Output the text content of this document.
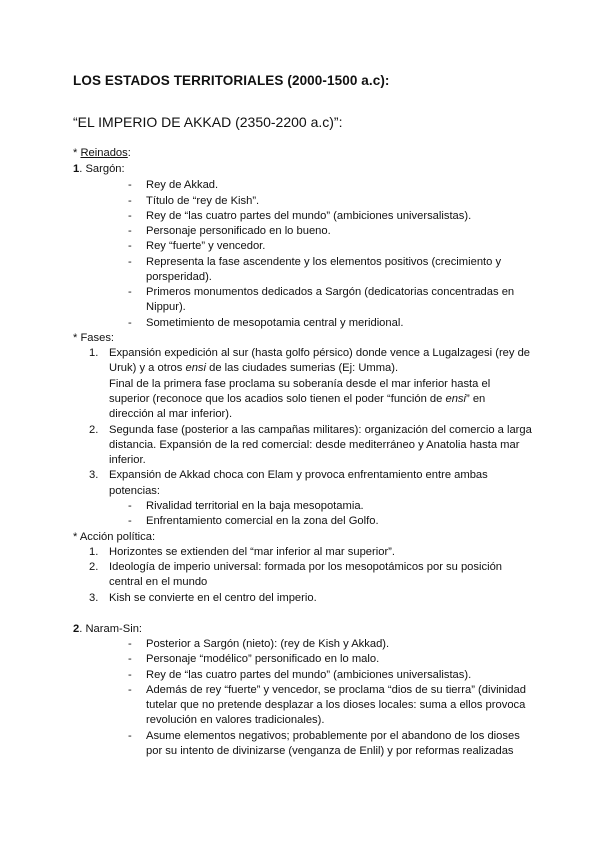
LOS ESTADOS TERRITORIALES (2000-1500 a.c):
“EL IMPERIO DE AKKAD (2350-2200 a.c)”:
* Reinados:
1. Sargón:
- Rey de Akkad.
- Título de “rey de Kish”.
- Rey de “las cuatro partes del mundo” (ambiciones universalistas).
- Personaje personificado en lo bueno.
- Rey “fuerte” y vencedor.
- Representa la fase ascendente y los elementos positivos (crecimiento y
porsperidad).
- Primeros monumentos dedicados a Sargón (dedicatorias concentradas en
Nippur).
- Sometimiento de mesopotamia central y meridional.
* Fases:
1. Expansión expedición al sur (hasta golfo pérsico) donde vence a Lugalzagesi (rey de
Uruk) y a otros ensi de las ciudades sumerias (Ej: Umma).
Final de la primera fase proclama su soberanía desde el mar inferior hasta el
superior (reconoce que los acadios solo tienen el poder “función de ensi” en
dirección al mar inferior).
2. Segunda fase (posterior a las campañas militares): organización del comercio a larga
distancia. Expansión de la red comercial: desde mediterráneo y Anatolia hasta mar
inferior.
3. Expansión de Akkad choca con Elam y provoca enfrentamiento entre ambas
potencias:
- Rivalidad territorial en la baja mesopotamia.
- Enfrentamiento comercial en la zona del Golfo.
* Acción política:
1. Horizontes se extienden del “mar inferior al mar superior”.
2. Ideología de imperio universal: formada por los mesopotámicos por su posición
central en el mundo
3. Kish se convierte en el centro del imperio.
2. Naram-Sin:
- Posterior a Sargón (nieto): (rey de Kish y Akkad).
- Personaje “modélico” personificado en lo malo.
- Rey de “las cuatro partes del mundo” (ambiciones universalistas).
- Además de rey “fuerte” y vencedor, se proclama “dios de su tierra” (divinidad
tutelar que no pretende desplazar a los dioses locales: suma a ellos provoca
revolución en valores tradicionales).
- Asume elementos negativos; probablemente por el abandono de los dioses
por su intento de divinizarse (venganza de Enlil) y por reformas realizadas
